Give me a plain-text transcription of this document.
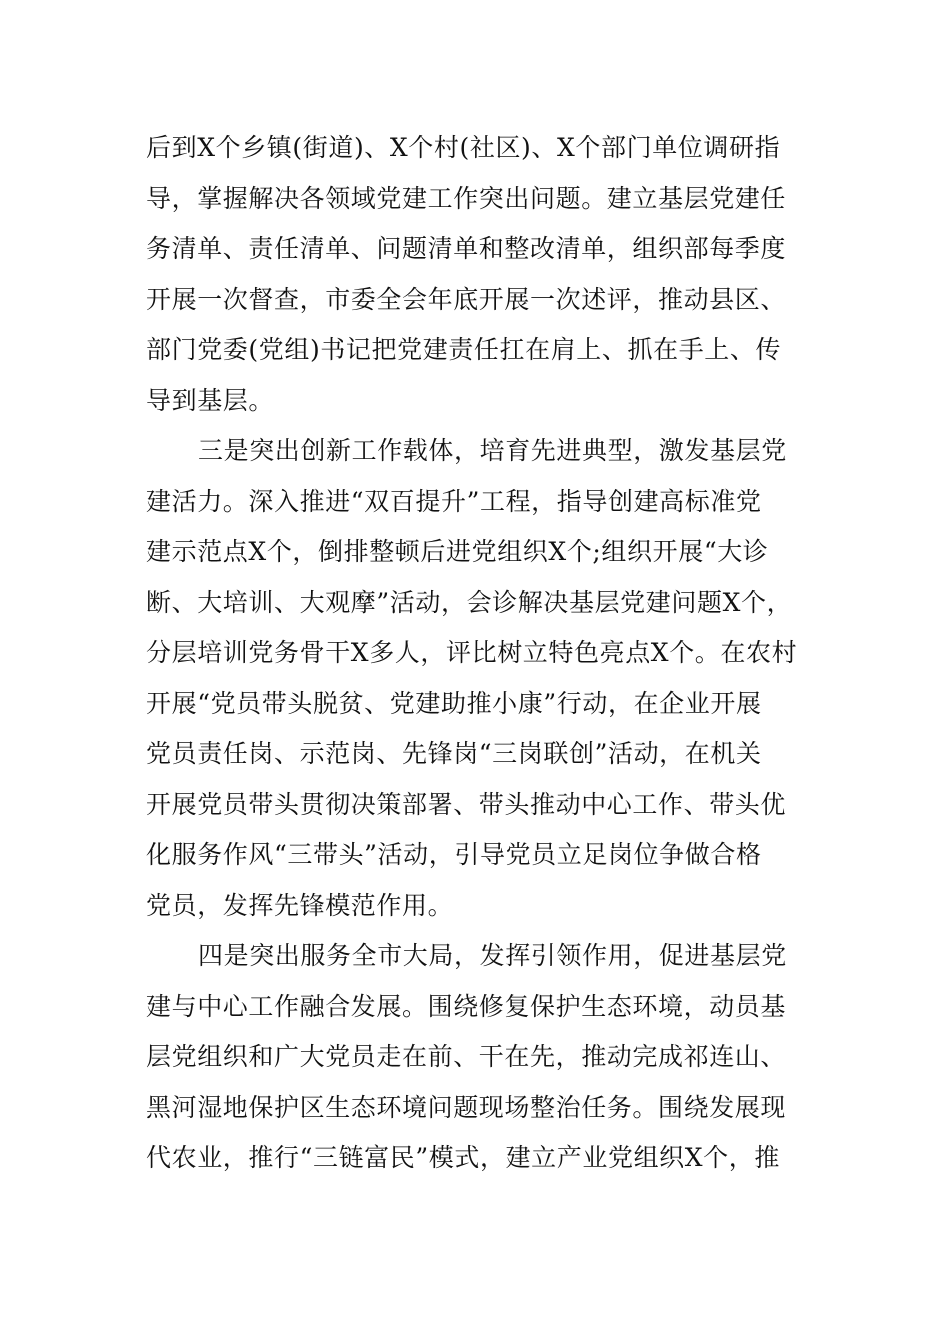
后到X个乡镇(街道)、X个村(社区)、X个部门单位调研指
导，掌握解决各领域党建工作突出问题。建立基层党建任
务清单、责任清单、问题清单和整改清单，组织部每季度
开展一次督查，市委全会年底开展一次述评，推动县区、
部门党委(党组)书记把党建责任扛在肩上、抓在手上、传
导到基层。
三是突出创新工作载体，培育先进典型，激发基层党
建活力。深入推进“双百提升”工程，指导创建高标准党
建示范点X个，倒排整顿后进党组织X个;组织开展“大诊
断、大培训、大观摩”活动，会诊解决基层党建问题X个，
分层培训党务骨干X多人，评比树立特色亮点X个。在农村
开展“党员带头脱贫、党建助推小康”行动，在企业开展
党员责任岗、示范岗、先锋岗“三岗联创”活动，在机关
开展党员带头贯彻决策部署、带头推动中心工作、带头优
化服务作风“三带头”活动，引导党员立足岗位争做合格
党员，发挥先锋模范作用。
四是突出服务全市大局，发挥引领作用，促进基层党
建与中心工作融合发展。围绕修复保护生态环境，动员基
层党组织和广大党员走在前、干在先，推动完成祁连山、
黑河湿地保护区生态环境问题现场整治任务。围绕发展现
代农业，推行“三链富民”模式，建立产业党组织X个，推
